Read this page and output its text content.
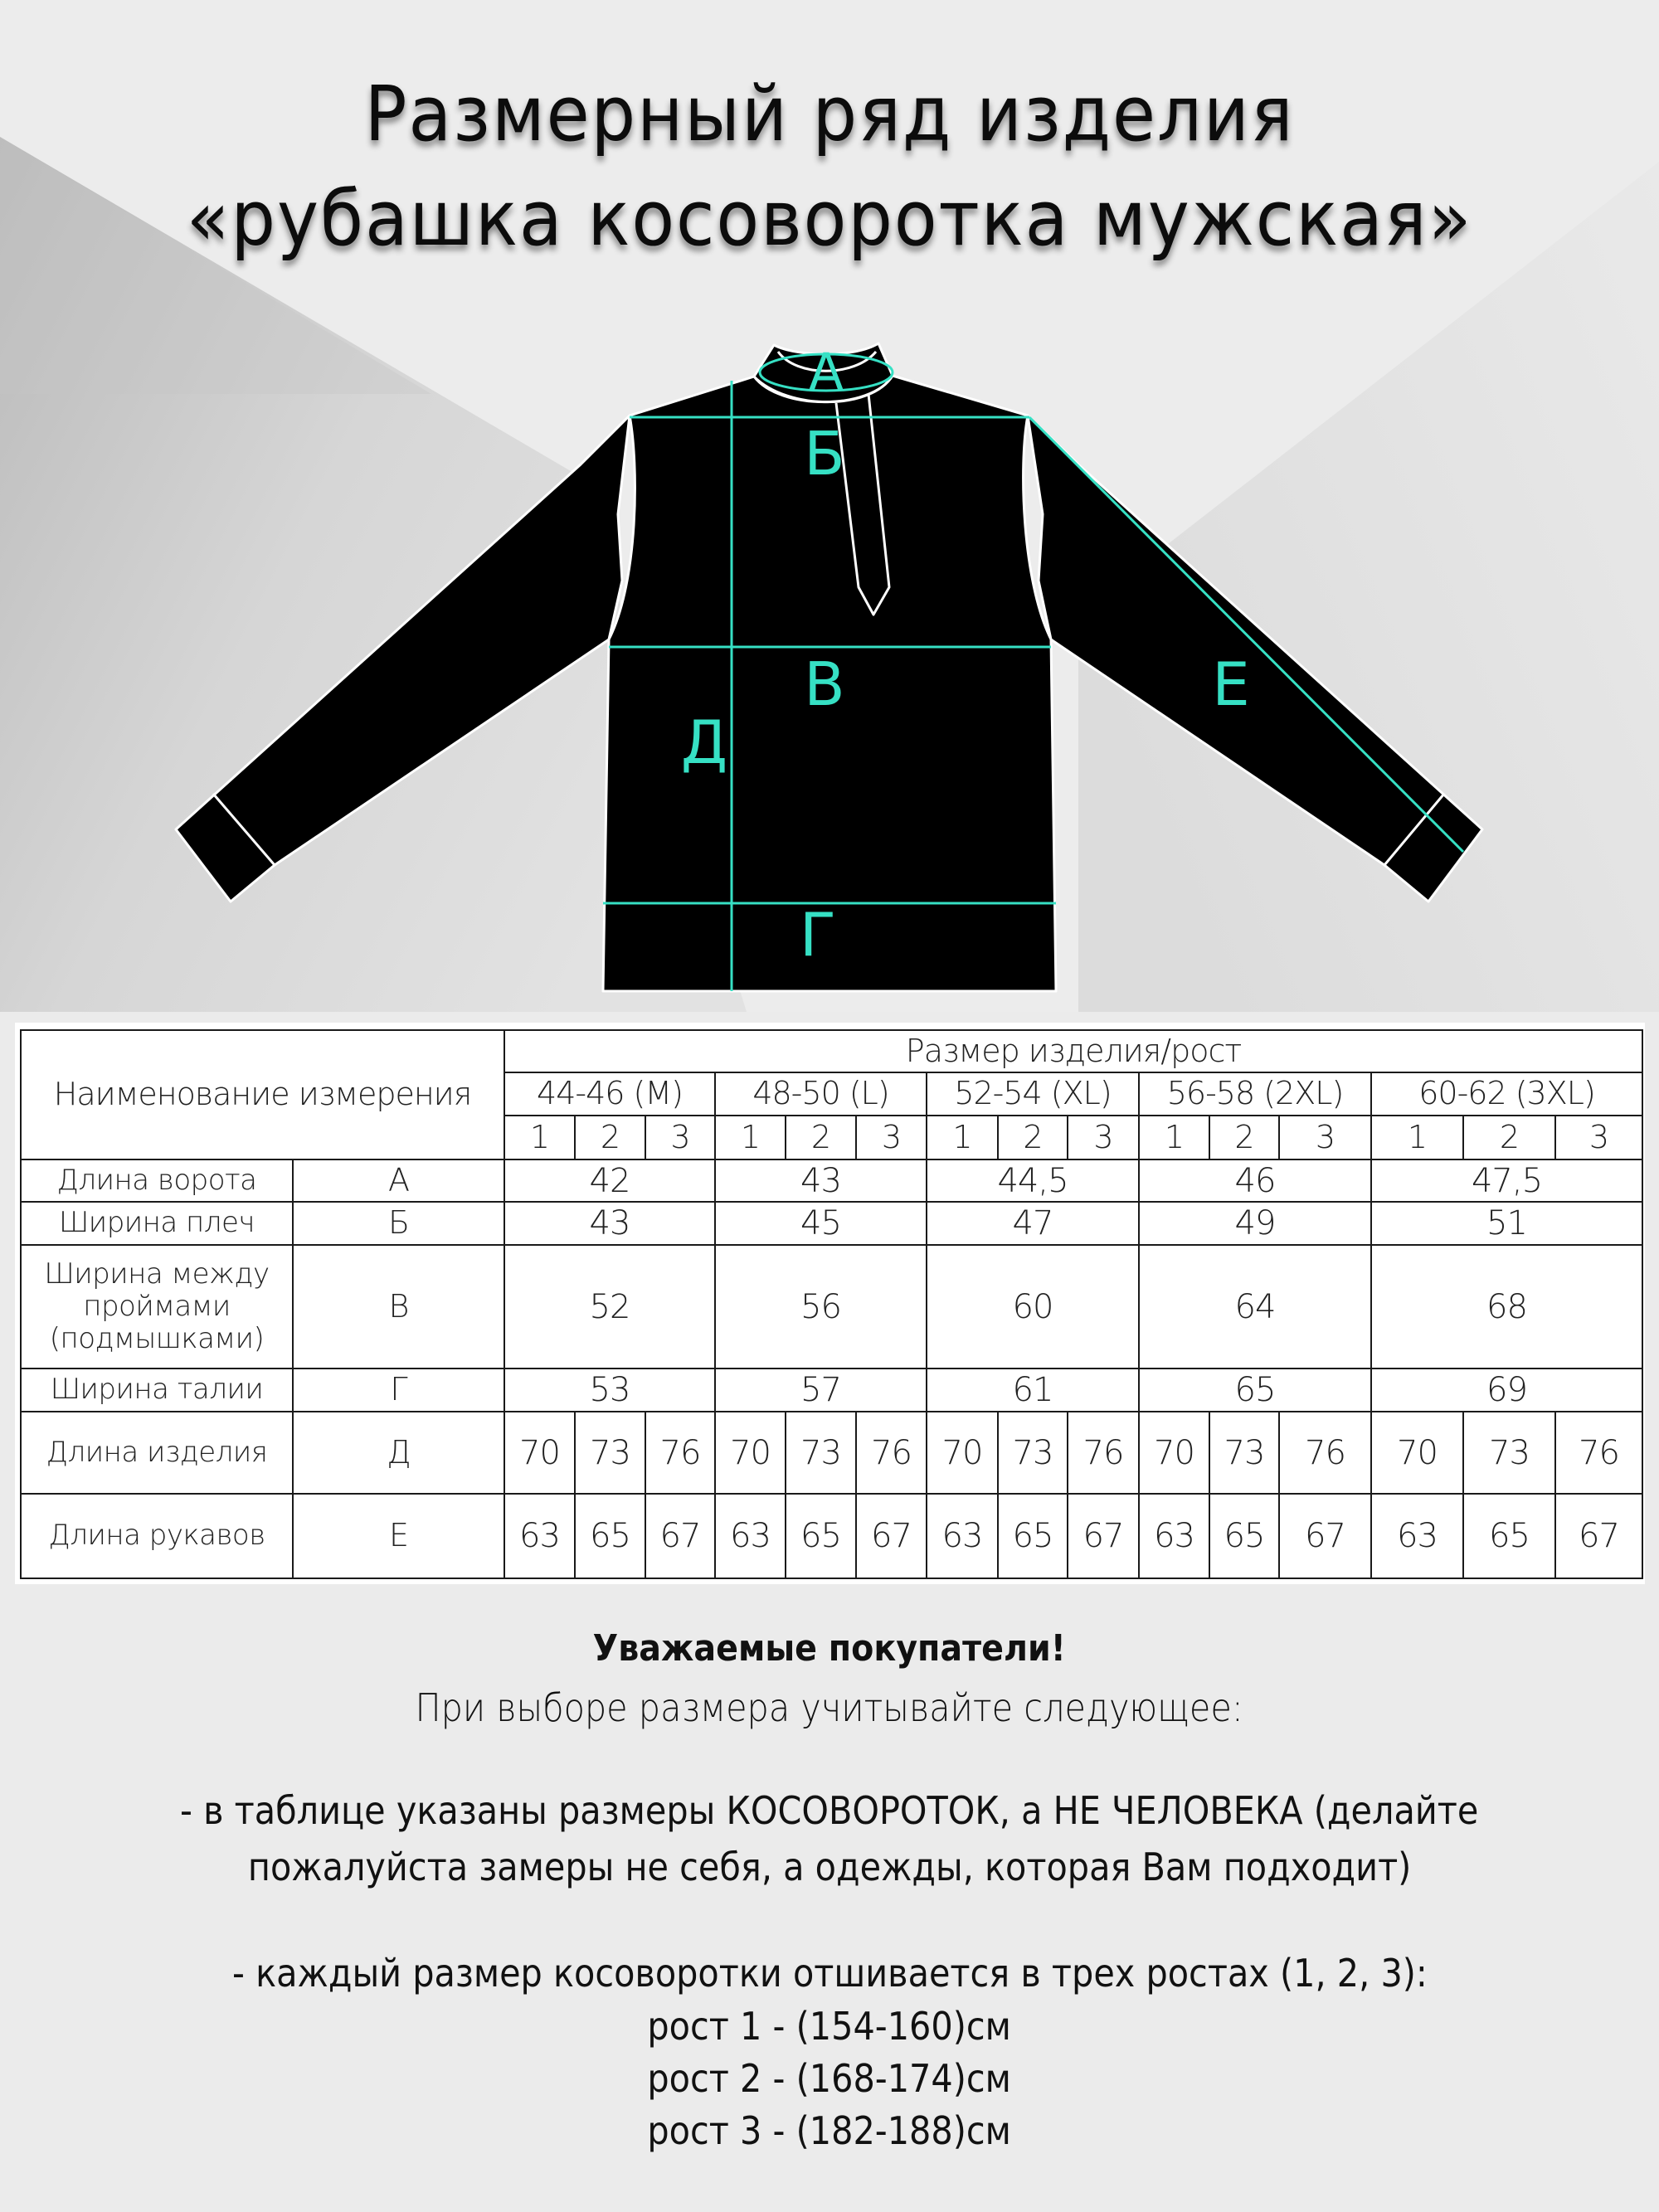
Размерный ряд изделия
«рубашка косоворотка мужская»
А
Б
В
Д
Г
Е
Наименование измерения		Размер изделия/рост														
		44-46 (M)			48-50 (L)			52-54 (XL)			56-58 (2XL)			60-62 (3XL)		
		1	2	3	1	2	3	1	2	3	1	2	3	1	2	3
Длина ворота	А	42			43			44,5			46			47,5		
Ширина плеч	Б	43			45			47			49			51		

Ширина между
проймами
(подмышками)	В	52			56			60			64			68		
Ширина талии	Г	53			57			61			65			69		
Длина изделия	Д	70	73	76	70	73	76	70	73	76	70	73	76	70	73	76
Длина рукавов	Е	63	65	67	63	65	67	63	65	67	63	65	67	63	65	67
Уважаемые покупатели!
При выборе размера учитывайте следующее:
- в таблице указаны размеры КОСОВОРОТОК, а НЕ ЧЕЛОВЕКА (делайте
пожалуйста замеры не себя, а одежды, которая Вам подходит)
- каждый размер косоворотки отшивается в трех ростах (1, 2, 3):
рост 1 - (154-160)см
рост 2 - (168-174)см
рост 3 - (182-188)см
